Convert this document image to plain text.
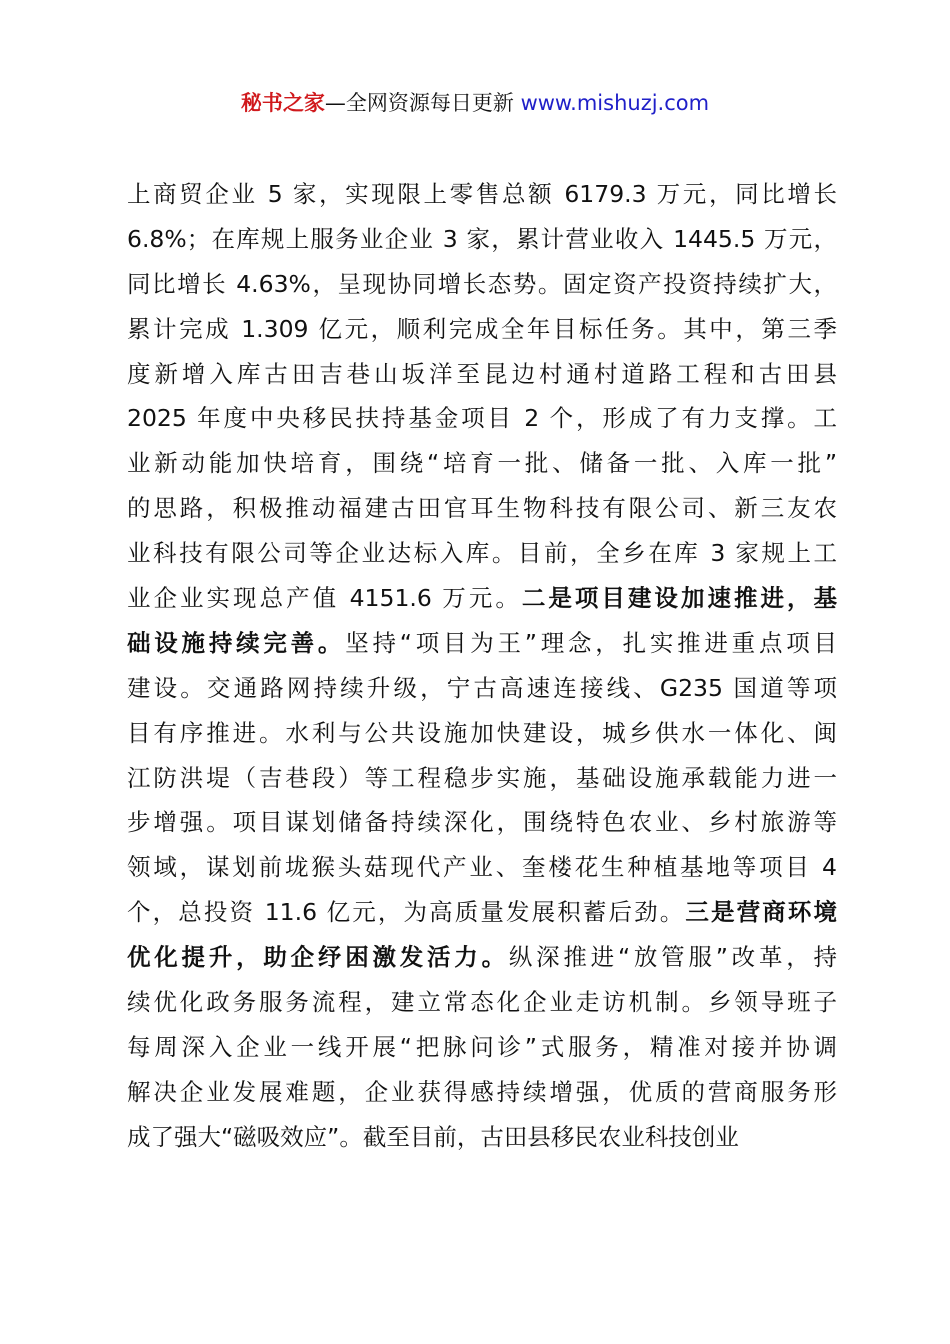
秘书之家—全网资源每日更新 www.mishuzj.com
上商贸企业 5 家，实现限上零售总额 6179.3 万元，同比增长
6.8%；在库规上服务业企业 3 家，累计营业收入 1445.5 万元，
同比增长 4.63%，呈现协同增长态势。固定资产投资持续扩大，
累计完成 1.309 亿元，顺利完成全年目标任务。其中，第三季
度新增入库古田吉巷山坂洋至昆边村通村道路工程和古田县
2025 年度中央移民扶持基金项目 2 个，形成了有力支撑。工
业新动能加快培育，围绕“培育一批、储备一批、入库一批”
的思路，积极推动福建古田官耳生物科技有限公司、新三友农
业科技有限公司等企业达标入库。目前，全乡在库 3 家规上工
业企业实现总产值 4151.6 万元。二是项目建设加速推进，基
础设施持续完善。坚持“项目为王”理念，扎实推进重点项目
建设。交通路网持续升级，宁古高速连接线、G235 国道等项
目有序推进。水利与公共设施加快建设，城乡供水一体化、闽
江防洪堤（吉巷段）等工程稳步实施，基础设施承载能力进一
步增强。项目谋划储备持续深化，围绕特色农业、乡村旅游等
领域，谋划前垅猴头菇现代产业、奎楼花生种植基地等项目 4
个，总投资 11.6 亿元，为高质量发展积蓄后劲。三是营商环境
优化提升，助企纾困激发活力。纵深推进“放管服”改革，持
续优化政务服务流程，建立常态化企业走访机制。乡领导班子
每周深入企业一线开展“把脉问诊”式服务，精准对接并协调
解决企业发展难题，企业获得感持续增强，优质的营商服务形
成了强大“磁吸效应”。截至目前，古田县移民农业科技创业
